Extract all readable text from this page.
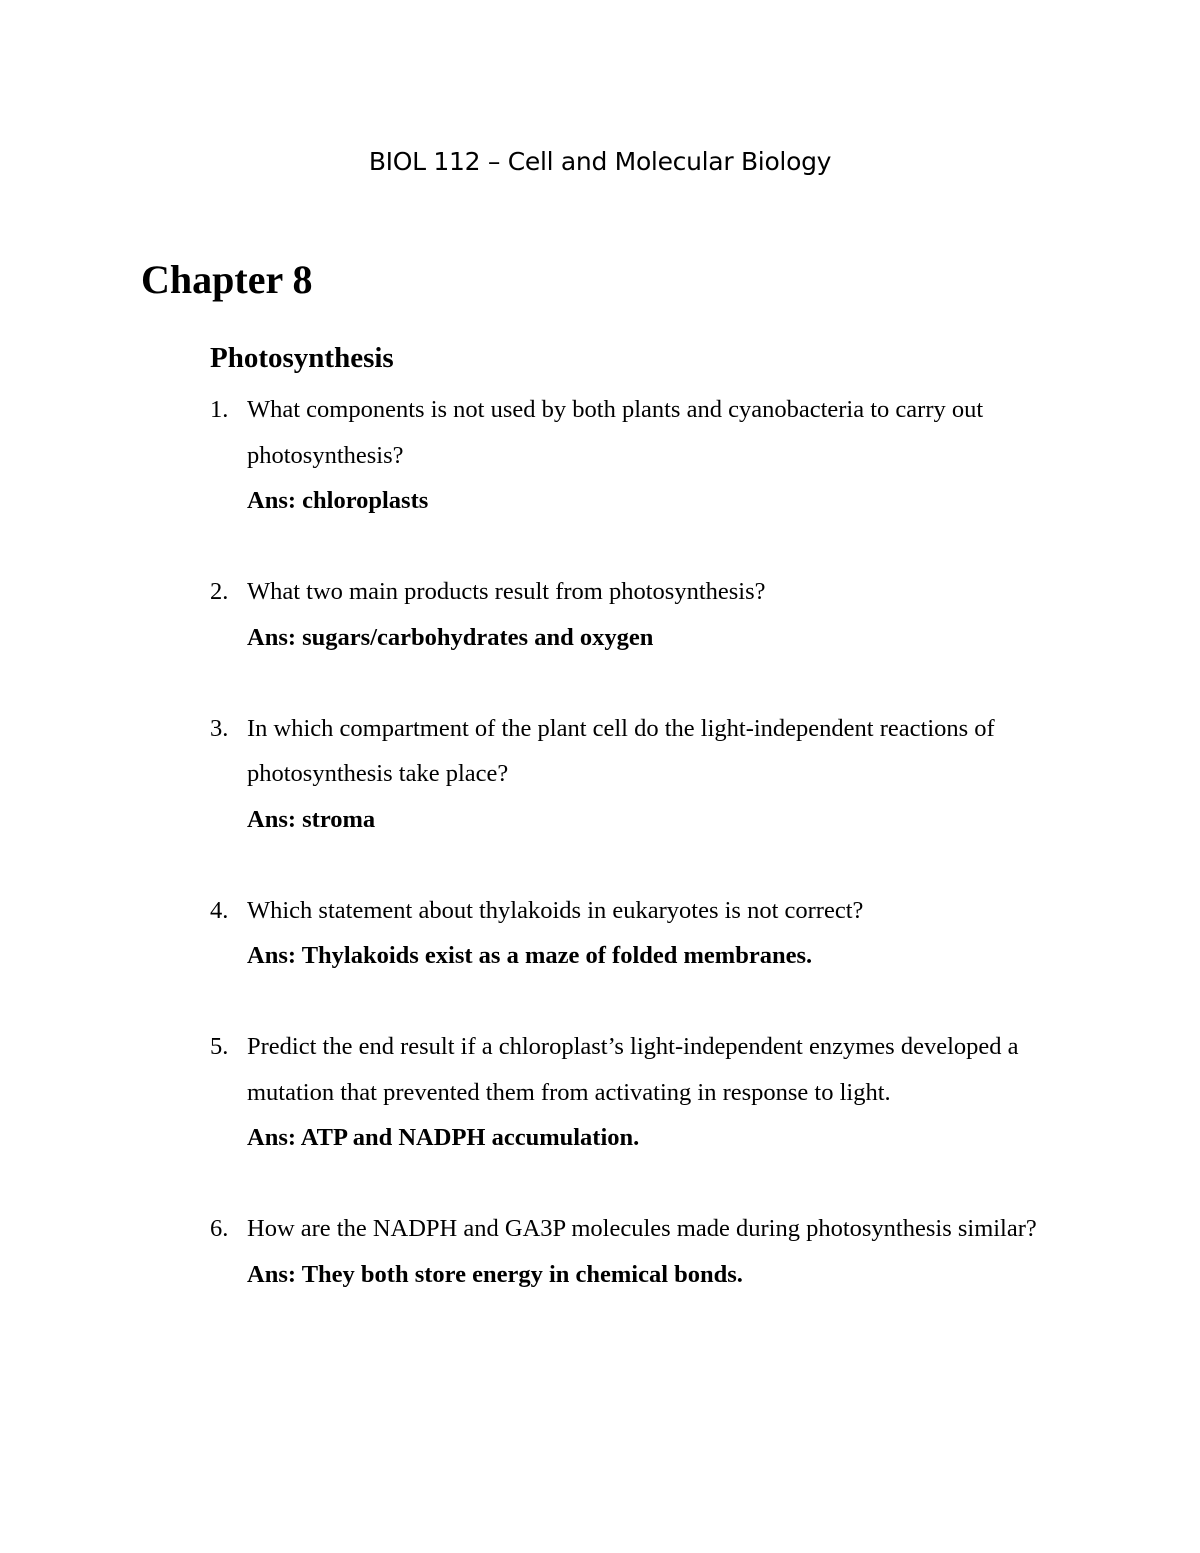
BIOL 112 – Cell and Molecular Biology
Chapter 8
Photosynthesis
1. What components is not used by both plants and cyanobacteria to carry out photosynthesis?
Ans: chloroplasts
2. What two main products result from photosynthesis?
Ans: sugars/carbohydrates and oxygen
3. In which compartment of the plant cell do the light-independent reactions of photosynthesis take place?
Ans: stroma
4. Which statement about thylakoids in eukaryotes is not correct?
Ans: Thylakoids exist as a maze of folded membranes.
5. Predict the end result if a chloroplast’s light-independent enzymes developed a mutation that prevented them from activating in response to light.
Ans: ATP and NADPH accumulation.
6. How are the NADPH and GA3P molecules made during photosynthesis similar?
Ans: They both store energy in chemical bonds.
